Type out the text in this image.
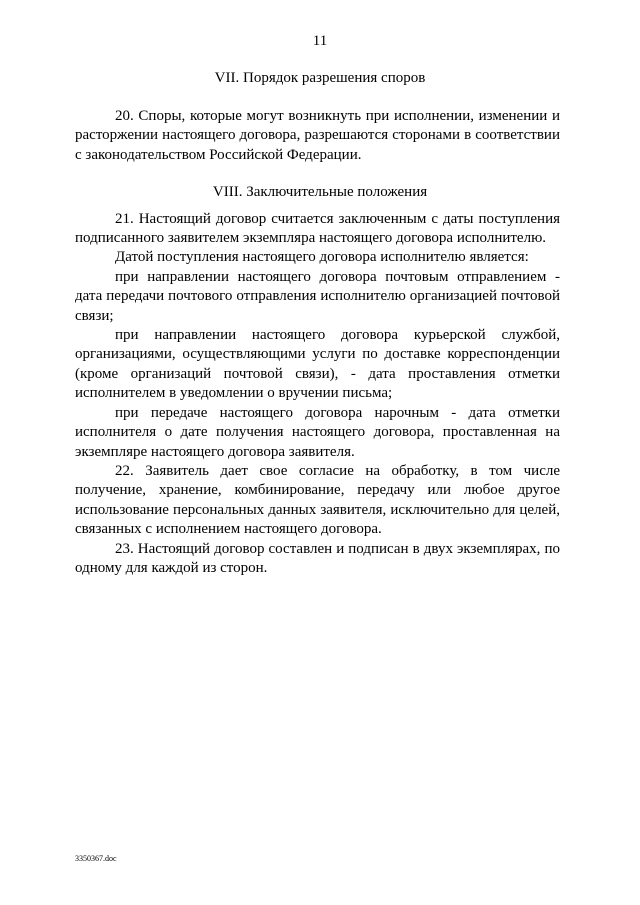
11
VII. Порядок разрешения споров

20. Споры, которые могут возникнуть при исполнении, изменении и расторжении настоящего договора, разрешаются сторонами в соответствии с законодательством Российской Федерации.

VIII. Заключительные положения

21. Настоящий договор считается заключенным с даты поступления подписанного заявителем экземпляра настоящего договора исполнителю.

Датой поступления настоящего договора исполнителю является:

при направлении настоящего договора почтовым отправлением - дата передачи почтового отправления исполнителю организацией почтовой связи;

при направлении настоящего договора курьерской службой, организациями, осуществляющими услуги по доставке корреспонденции (кроме организаций почтовой связи), - дата проставления отметки исполнителем в уведомлении о вручении письма;

при передаче настоящего договора нарочным - дата отметки исполнителя о дате получения настоящего договора, проставленная на экземпляре настоящего договора заявителя.

22. Заявитель дает свое согласие на обработку, в том числе получение, хранение, комбинирование, передачу или любое другое использование персональных данных заявителя, исключительно для целей, связанных с исполнением настоящего договора.

23. Настоящий договор составлен и подписан в двух экземплярах, по одному для каждой из сторон.

3350367.doc
